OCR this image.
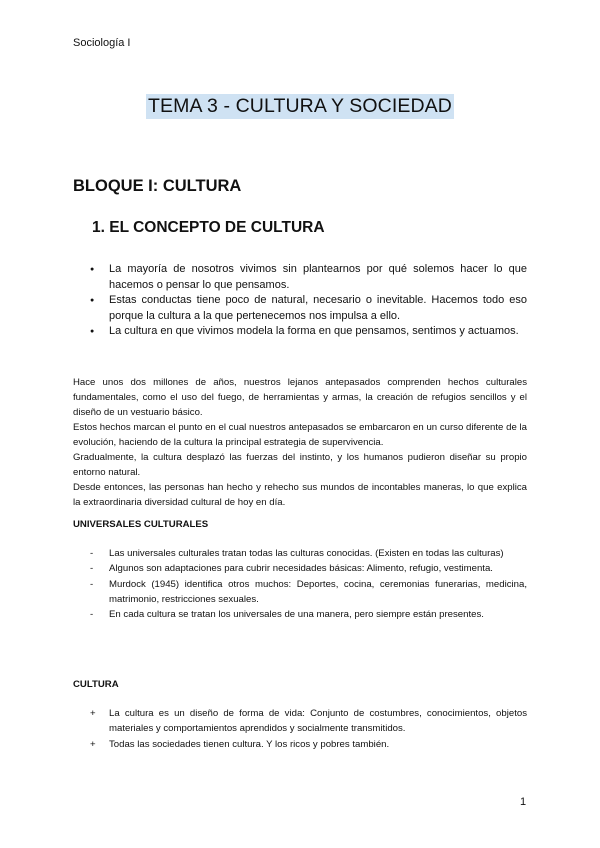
Sociología I
TEMA 3 - CULTURA Y SOCIEDAD
BLOQUE I: CULTURA
1. EL CONCEPTO DE CULTURA
● La mayoría de nosotros vivimos sin plantearnos por qué solemos hacer lo que hacemos o pensar lo que pensamos.
● Estas conductas tiene poco de natural, necesario o inevitable. Hacemos todo eso porque la cultura a la que pertenecemos nos impulsa a ello.
● La cultura en que vivimos modela la forma en que pensamos, sentimos y actuamos.

Hace unos dos millones de años, nuestros lejanos antepasados comprenden hechos culturales fundamentales, como el uso del fuego, de herramientas y armas, la creación de refugios sencillos y el diseño de un vestuario básico.

Estos hechos marcan el punto en el cual nuestros antepasados se embarcaron en un curso diferente de la evolución, haciendo de la cultura la principal estrategia de supervivencia.

Gradualmente, la cultura desplazó las fuerzas del instinto, y los humanos pudieron diseñar su propio entorno natural.

Desde entonces, las personas han hecho y rehecho sus mundos de incontables maneras, lo que explica la extraordinaria diversidad cultural de hoy en día.

UNIVERSALES CULTURALES
- Las universales culturales tratan todas las culturas conocidas. (Existen en todas las culturas)
- Algunos son adaptaciones para cubrir necesidades básicas: Alimento, refugio, vestimenta.
- Murdock (1945) identifica otros muchos: Deportes, cocina, ceremonias funerarias, medicina, matrimonio, restricciones sexuales.
- En cada cultura se tratan los universales de una manera, pero siempre están presentes.
CULTURA
+ La cultura es un diseño de forma de vida: Conjunto de costumbres, conocimientos, objetos materiales y comportamientos aprendidos y socialmente transmitidos.
+ Todas las sociedades tienen cultura. Y los ricos y pobres también.
1
